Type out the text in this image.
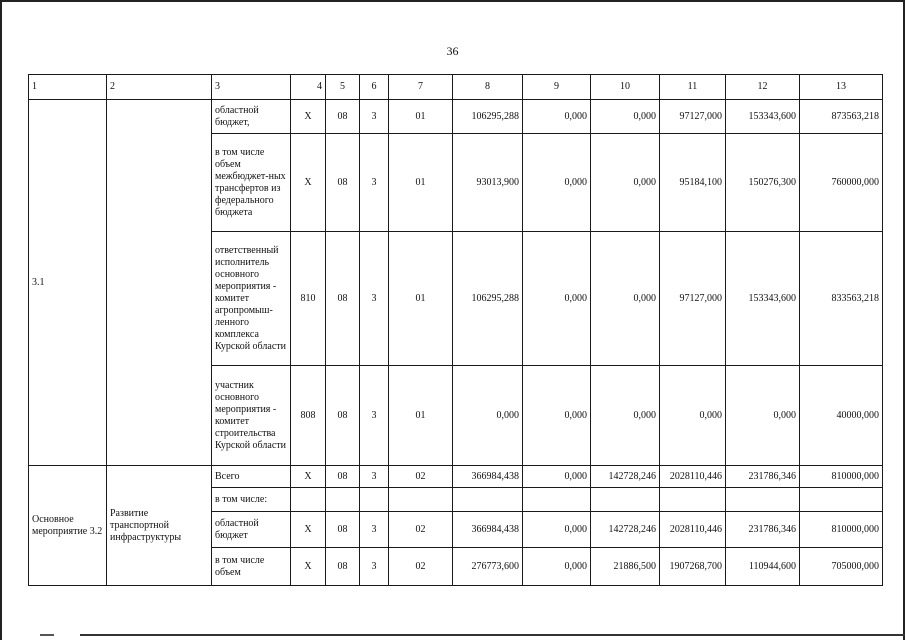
36
1	2	3	4	5	6	7	8	9	10	11	12	13
3.1		областной бюджет,	X	08	3	01	106295,288	0,000	0,000	97127,000	153343,600	873563,218
		в том числе объем межбюджет-ных трансфертов из федерального бюджета	X	08	3	01	93013,900	0,000	0,000	95184,100	150276,300	760000,000
		ответственный исполнитель основного мероприятия - комитет агропромыш-ленного комплекса Курской области	810	08	3	01	106295,288	0,000	0,000	97127,000	153343,600	833563,218
		участник основного мероприятия - комитет строительства Курской области	808	08	3	01	0,000	0,000	0,000	0,000	0,000	40000,000
Основное мероприятие 3.2	Развитие транспортной инфраструктуры	Всего	X	08	3	02	366984,438	0,000	142728,246	2028110,446	231786,346	810000,000
		в том числе:										
		областной бюджет	X	08	3	02	366984,438	0,000	142728,246	2028110,446	231786,346	810000,000
		в том числе объем	X	08	3	02	276773,600	0,000	21886,500	1907268,700	110944,600	705000,000
